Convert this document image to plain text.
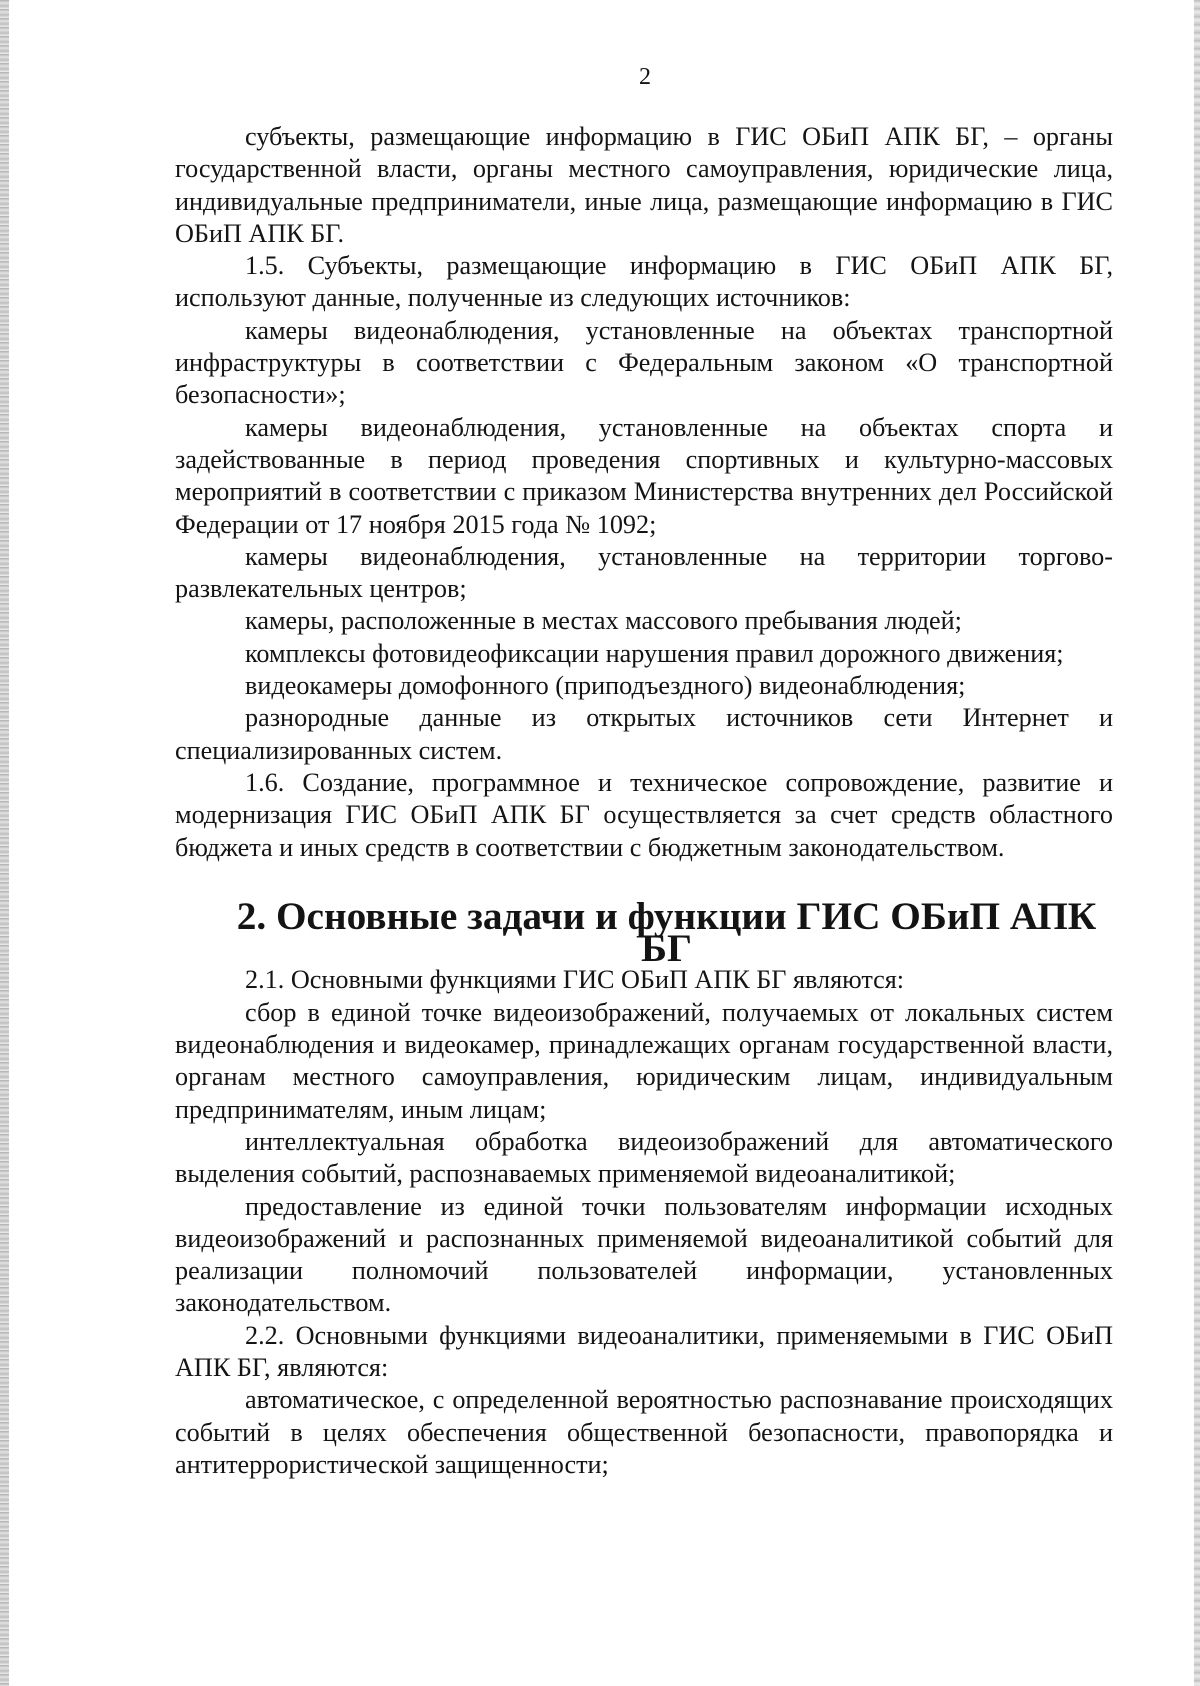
2

субъекты, размещающие информацию в ГИС ОБиП АПК БГ, – органы государственной власти, органы местного самоуправления, юридические лица, индивидуальные предприниматели, иные лица, размещающие информацию в ГИС ОБиП АПК БГ.

1.5. Субъекты, размещающие информацию в ГИС ОБиП АПК БГ, используют данные, полученные из следующих источников:

камеры видеонаблюдения, установленные на объектах транспортной инфраструктуры в соответствии с Федеральным законом «О транспортной безопасности»;

камеры видеонаблюдения, установленные на объектах спорта и задействованные в период проведения спортивных и культурно-массовых мероприятий в соответствии с приказом Министерства внутренних дел Российской Федерации от 17 ноября 2015 года № 1092;

камеры видеонаблюдения, установленные на территории торгово-развлекательных центров;

камеры, расположенные в местах массового пребывания людей;

комплексы фотовидеофиксации нарушения правил дорожного движения;

видеокамеры домофонного (приподъездного) видеонаблюдения;

разнородные данные из открытых источников сети Интернет и специализированных систем.

1.6. Создание, программное и техническое сопровождение, развитие и модернизация ГИС ОБиП АПК БГ осуществляется за счет средств областного бюджета и иных средств в соответствии с бюджетным законодательством.

2. Основные задачи и функции ГИС ОБиП АПК БГ

2.1. Основными функциями ГИС ОБиП АПК БГ являются:

сбор в единой точке видеоизображений, получаемых от локальных систем видеонаблюдения и видеокамер, принадлежащих органам государственной власти, органам местного самоуправления, юридическим лицам, индивидуальным предпринимателям, иным лицам;

интеллектуальная обработка видеоизображений для автоматического выделения событий, распознаваемых применяемой видеоаналитикой;

предоставление из единой точки пользователям информации исходных видеоизображений и распознанных применяемой видеоаналитикой событий для реализации полномочий пользователей информации, установленных законодательством.

2.2. Основными функциями видеоаналитики, применяемыми в ГИС ОБиП АПК БГ, являются:

автоматическое, с определенной вероятностью распознавание происходящих событий в целях обеспечения общественной безопасности, правопорядка и антитеррористической защищенности;
